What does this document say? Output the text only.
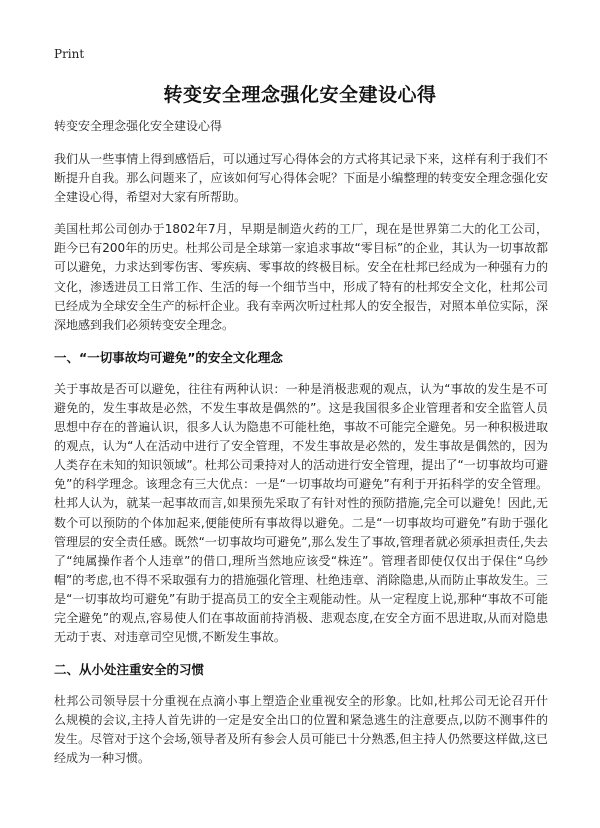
Print
转变安全理念强化安全建设心得

转变安全理念强化安全建设心得

我们从一些事情上得到感悟后，可以通过写心得体会的方式将其记录下来，这样有利于我们不断提升自我。那么问题来了，应该如何写心得体会呢？下面是小编整理的转变安全理念强化安全建设心得，希望对大家有所帮助。

美国杜邦公司创办于1802年7月，早期是制造火药的工厂，现在是世界第二大的化工公司，距今已有200年的历史。杜邦公司是全球第一家追求事故“零目标”的企业，其认为一切事故都可以避免，力求达到零伤害、零疾病、零事故的终极目标。安全在杜邦已经成为一种强有力的文化，渗透进员工日常工作、生活的每一个细节当中，形成了特有的杜邦安全文化，杜邦公司已经成为全球安全生产的标杆企业。我有幸两次听过杜邦人的安全报告，对照本单位实际，深深地感到我们必须转变安全理念。

一、“一切事故均可避免”的安全文化理念

关于事故是否可以避免，往往有两种认识：一种是消极悲观的观点，认为“事故的发生是不可避免的，发生事故是必然，不发生事故是偶然的”。这是我国很多企业管理者和安全监管人员思想中存在的普遍认识，很多人认为隐患不可能杜绝，事故不可能完全避免。另一种积极进取的观点，认为“人在活动中进行了安全管理，不发生事故是必然的，发生事故是偶然的，因为人类存在未知的知识领域”。杜邦公司秉持对人的活动进行安全管理，提出了“一切事故均可避免”的科学理念。该理念有三大优点：一是“一切事故均可避免”有利于开拓科学的安全管理。杜邦人认为，就某一起事故而言,如果预先采取了有针对性的预防措施,完全可以避免！因此,无数个可以预防的个体加起来,便能使所有事故得以避免。二是“一切事故均可避免”有助于强化管理层的安全责任感。既然“一切事故均可避免”,那么发生了事故,管理者就必须承担责任,失去了“纯属操作者个人违章”的借口,理所当然地应该受“株连”。管理者即使仅仅出于保住“乌纱帽”的考虑,也不得不采取强有力的措施强化管理、杜绝违章、消除隐患,从而防止事故发生。三是“一切事故均可避免”有助于提高员工的安全主观能动性。从一定程度上说,那种“事故不可能完全避免”的观点,容易使人们在事故面前持消极、悲观态度,在安全方面不思进取,从而对隐患无动于衷、对违章司空见惯,不断发生事故。

二、从小处注重安全的习惯

杜邦公司领导层十分重视在点滴小事上塑造企业重视安全的形象。比如,杜邦公司无论召开什么规模的会议,主持人首先讲的一定是安全出口的位置和紧急逃生的注意要点,以防不测事件的发生。尽管对于这个会场,领导者及所有参会人员可能已十分熟悉,但主持人仍然要这样做,这已经成为一种习惯。
